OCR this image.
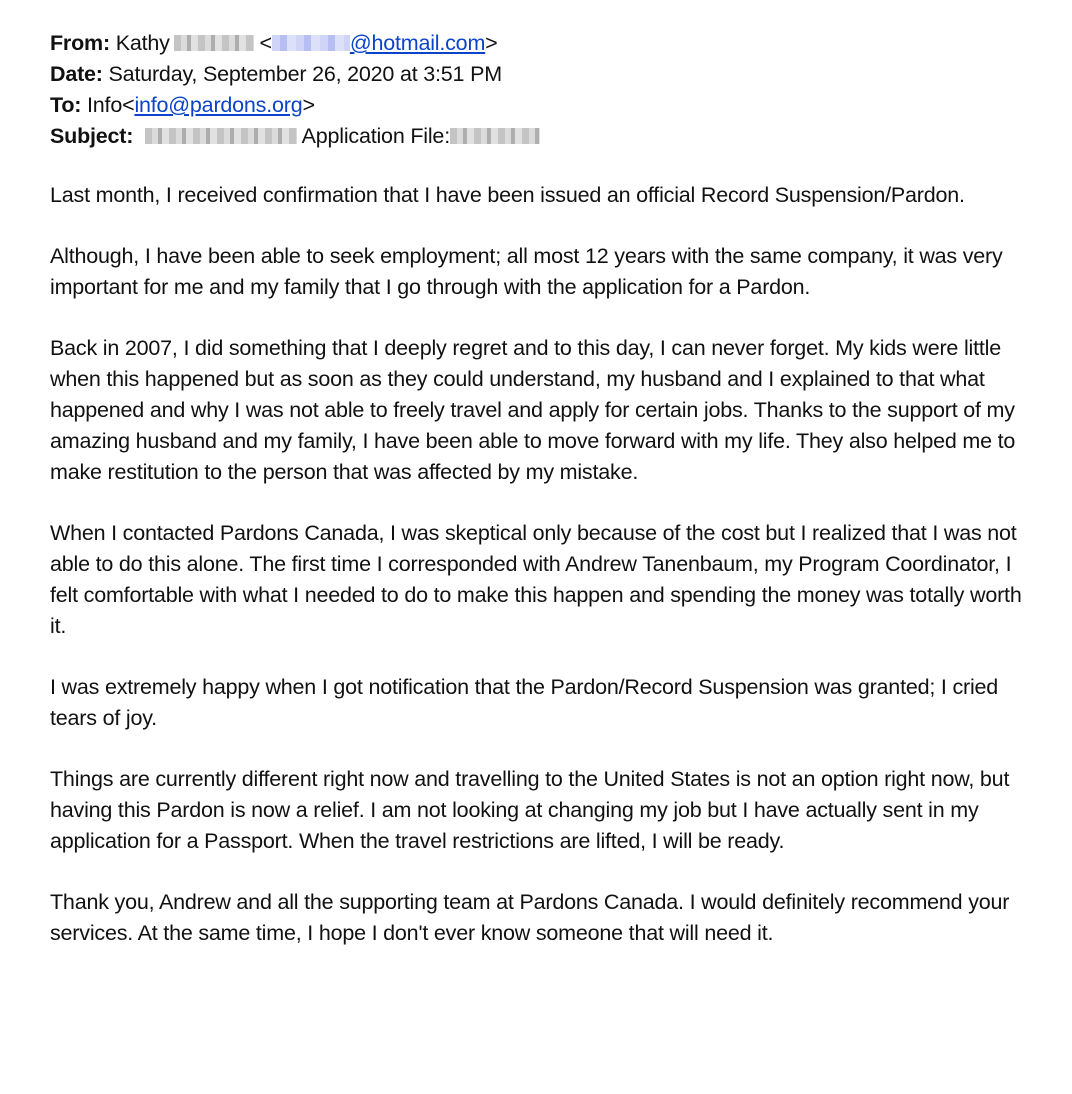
From: Kathy	<	@hotmail.com>
Date: Saturday, September 26, 2020 at 3:51 PM
To: Info<info@pardons.org>
Subject:	Application File:

Last month, I received confirmation that I have been issued an official Record Suspension/Pardon.

Although, I have been able to seek employment; all most 12 years with the same company, it was very important for me and my family that I go through with the application for a Pardon.

Back in 2007, I did something that I deeply regret and to this day, I can never forget. My kids were little when this happened but as soon as they could understand, my husband and I explained to that what happened and why I was not able to freely travel and apply for certain jobs. Thanks to the support of my amazing husband and my family, I have been able to move forward with my life. They also helped me to make restitution to the person that was affected by my mistake.

When I contacted Pardons Canada, I was skeptical only because of the cost but I realized that I was not able to do this alone. The first time I corresponded with Andrew Tanenbaum, my Program Coordinator, I felt comfortable with what I needed to do to make this happen and spending the money was totally worth it.

I was extremely happy when I got notification that the Pardon/Record Suspension was granted; I cried tears of joy.

Things are currently different right now and travelling to the United States is not an option right now, but having this Pardon is now a relief. I am not looking at changing my job but I have actually sent in my application for a Passport. When the travel restrictions are lifted, I will be ready.

Thank you, Andrew and all the supporting team at Pardons Canada. I would definitely recommend your services. At the same time, I hope I don't ever know someone that will need it.
